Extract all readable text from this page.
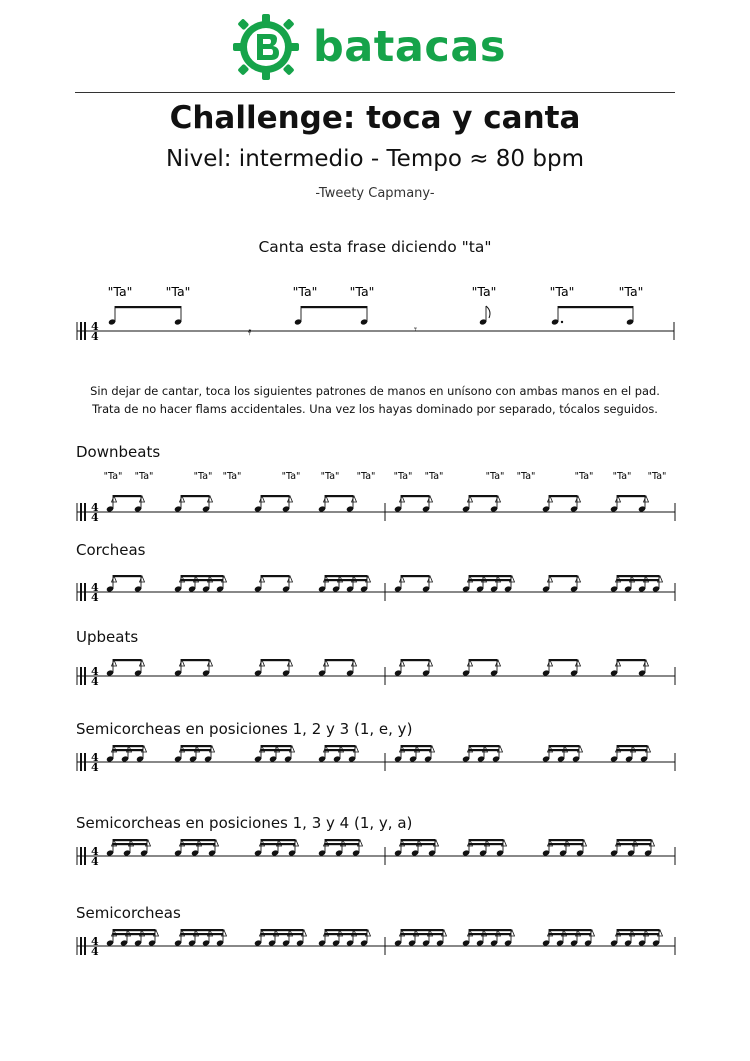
batacas
Challenge: toca y canta
Nivel: intermedio - Tempo ≈ 80 bpm
-Tweety Capmany-
Canta esta frase diciendo "ta"
4
4
"Ta"	"Ta"	"Ta"	"Ta"	"Ta"	"Ta"	"Ta"
𝄿	𝄾
Sin dejar de cantar, toca los siguientes patrones de manos en unísono con ambas manos en el pad.
Trata de no hacer flams accidentales. Una vez los hayas dominado por separado, tócalos seguidos.
Downbeats
4
4
"Ta" "Ta"	"Ta" "Ta"	"Ta" "Ta" "Ta" "Ta" "Ta"	"Ta" "Ta"	"Ta" "Ta" "Ta"
Corcheas
4
4
Upbeats
4
4
Semicorcheas en posiciones 1, 2 y 3 (1, e, y)
4
4
Semicorcheas en posiciones 1, 3 y 4 (1, y, a)
4
4
Semicorcheas
4
4
